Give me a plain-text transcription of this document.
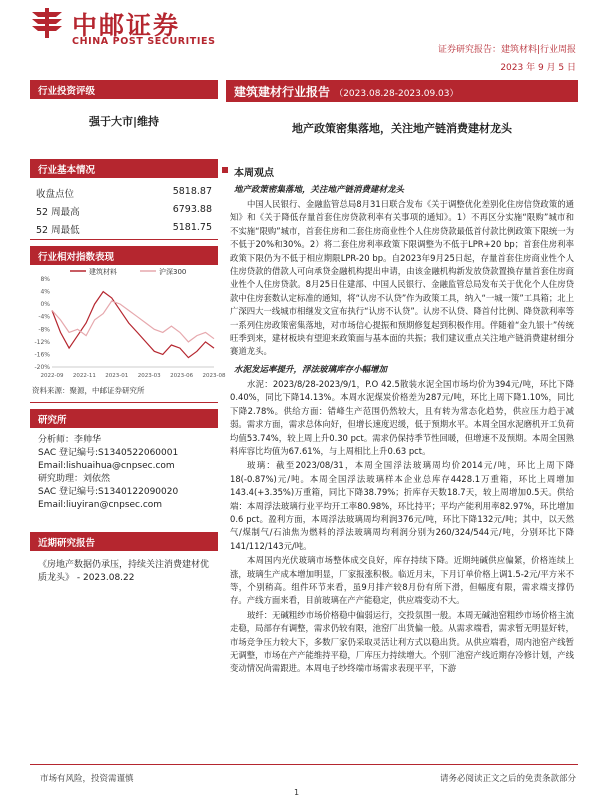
中邮证券
CHINA POST SECURITIES
证券研究报告：建筑材料|行业周报
2023 年 9 月 5 日
行业投资评级
强于大市|维持
行业基本情况
收盘点位	5818.87
52 周最高	6793.88
52 周最低	5181.75
行业相对指数表现
建筑材料	沪深300
8%
4%
0%
-4%
-8%
-12%
-16%
-20%
2022-09 2022-11 2023-01 2023-03 2023-06 2023-08
资料来源：聚源，中邮证券研究所
研究所
分析师：李帅华
SAC 登记编号:S1340522060001
Email:lishuaihua@cnpsec.com
研究助理：刘依然
SAC 登记编号:S1340122090020
Email:liuyiran@cnpsec.com
近期研究报告
《房地产数据仍承压，持续关注消费建材优质龙头》 - 2023.08.22
建筑建材行业报告 （2023.08.28-2023.09.03）
地产政策密集落地，关注地产链消费建材龙头
本周观点
地产政策密集落地，关注地产链消费建材龙头

中国人民银行、金融监管总局8月31日联合发布《关于调整优化差别化住房信贷政策的通知》和《关于降低存量首套住房贷款利率有关事项的通知》。1）不再区分实施“限购”城市和不实施“限购”城市，首套住房和二套住房商业性个人住房贷款最低首付款比例政策下限统一为不低于20%和30%。2）将二套住房利率政策下限调整为不低于LPR+20 bp；首套住房利率政策下限仍为不低于相应期限LPR-20 bp。自2023年9月25日起，存量首套住房商业性个人住房贷款的借款人可向承贷金融机构提出申请，由该金融机构新发放贷款置换存量首套住房商业性个人住房贷款。8月25日住建部、中国人民银行、金融监管总局发布关于优化个人住房贷款中住房套数认定标准的通知，将“认房不认贷”作为政策工具，纳入“一城一策”工具箱；北上广深四大一线城市相继发文宣布执行“认房不认贷”。认房不认贷、降首付比例、降贷款利率等一系列住房政策密集落地，对市场信心提振和预期修复起到积极作用。伴随着“金九银十”传统旺季到来，建材板块有望迎来政策面与基本面的共振；我们建议重点关注地产链消费建材细分赛道龙头。

水泥发运率提升，浮法玻璃库存小幅增加

水泥：2023/8/28-2023/9/1，P.O 42.5散装水泥全国市场均价为394元/吨，环比下降0.40%，同比下降14.13%。本周水泥煤炭价格差为287元/吨，环比上周下降1.10%，同比下降2.78%。供给方面：错峰生产范围仍然较大，且有转为常态化趋势，供应压力趋于减弱。需求方面，需求总体向好，但增长速度迟缓，低于预期水平。本周全国水泥磨机开工负荷均值53.74%，较上周上升0.30 pct。需求仍保持季节性回暖，但增速不及预期。本周全国熟料库容比均值为67.61%，与上周相比上升0.63 pct。

玻璃：截至2023/08/31，本周全国浮法玻璃周均价2014元/吨，环比上周下降18(-0.87%)元/吨。本周全国浮法玻璃样本企业总库存4428.1万重箱，环比上周增加143.4(+3.35%)万重箱，同比下降38.79%；折库存天数18.7天，较上周增加0.5天。供给端：本周浮法玻璃行业平均开工率80.98%，环比持平；平均产能利用率82.97%，环比增加0.6 pct。盈利方面，本周浮法玻璃周均利润376元/吨，环比下降132元/吨；其中，以天然气/煤制气/石油焦为燃料的浮法玻璃周均利润分别为260/324/544元/吨，分别环比下降141/112/143元/吨。

本周国内光伏玻璃市场整体成交良好，库存持续下降。近期纯碱供应偏紧，价格连续上涨，玻璃生产成本增加明显，厂家报涨积极。临近月末，下月订单价格上调1.5-2元/平方米不等，个别稍高。组件环节来看，虽9月排产较8月份有所下滑，但幅度有限，需求端支撑仍存。产线方面来看，目前玻璃在产产能稳定，供应端变动不大。

玻纤：无碱粗纱市场价格稳中偏弱运行，交投氛围一般。本周无碱池窑粗纱市场价格主流走稳，局部存有调整，需求仍较有限，池窑厂出货偏一般。从需求端看，需求暂无明显好转，市场竞争压力较大下，多数厂家仍采取灵活让利方式以稳出货。从供应端看，周内池窑产线暂无调整，市场在产产能维持平稳，厂库压力持续增大。个别厂池窑产线近期存冷修计划，产线变动情况尚需跟进。本周电子纱终端市场需求表现平平，下游

市场有风险，投资需谨慎	请务必阅读正文之后的免责条款部分
1
